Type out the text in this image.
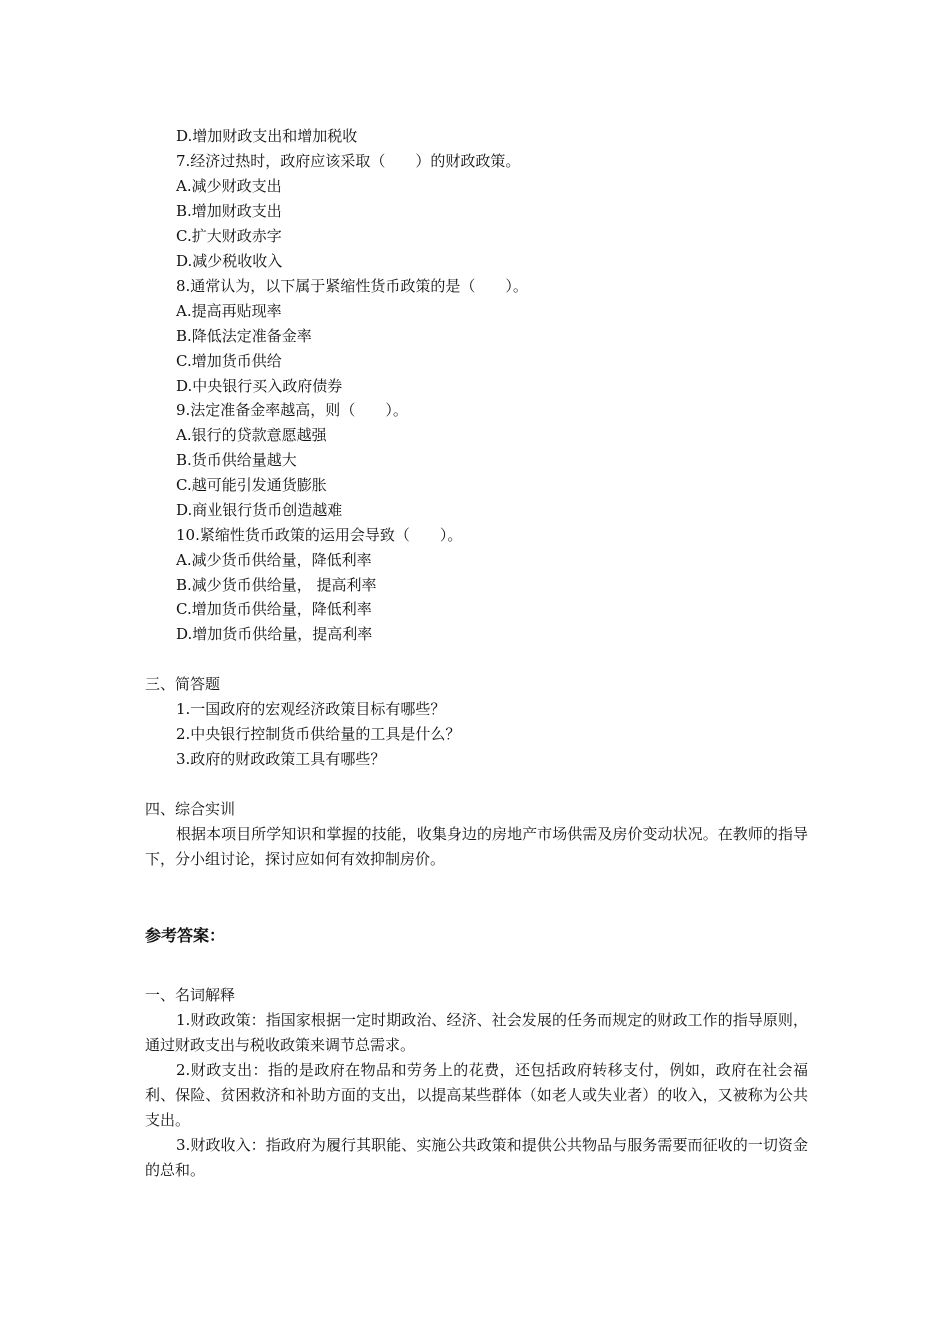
D.增加财政支出和增加税收
7.经济过热时，政府应该采取（　　）的财政政策。
A.减少财政支出
B.增加财政支出
C.扩大财政赤字
D.减少税收收入
8.通常认为，以下属于紧缩性货币政策的是（　　）。
A.提高再贴现率
B.降低法定准备金率
C.增加货币供给
D.中央银行买入政府债券
9.法定准备金率越高，则（　　）。
A.银行的贷款意愿越强
B.货币供给量越大
C.越可能引发通货膨胀
D.商业银行货币创造越难
10.紧缩性货币政策的运用会导致（　　）。
A.减少货币供给量，降低利率
B.减少货币供给量， 提高利率
C.增加货币供给量，降低利率
D.增加货币供给量，提高利率
三、简答题
1.一国政府的宏观经济政策目标有哪些？
2.中央银行控制货币供给量的工具是什么？
3.政府的财政政策工具有哪些？
四、综合实训
根据本项目所学知识和掌握的技能，收集身边的房地产市场供需及房价变动状况。在教师的指导下，分小组讨论，探讨应如何有效抑制房价。
参考答案：
一、名词解释
1.财政政策：指国家根据一定时期政治、经济、社会发展的任务而规定的财政工作的指导原则，通过财政支出与税收政策来调节总需求。
2.财政支出：指的是政府在物品和劳务上的花费，还包括政府转移支付，例如，政府在社会福利、保险、贫困救济和补助方面的支出，以提高某些群体（如老人或失业者）的收入，又被称为公共支出。
3.财政收入：指政府为履行其职能、实施公共政策和提供公共物品与服务需要而征收的一切资金的总和。
